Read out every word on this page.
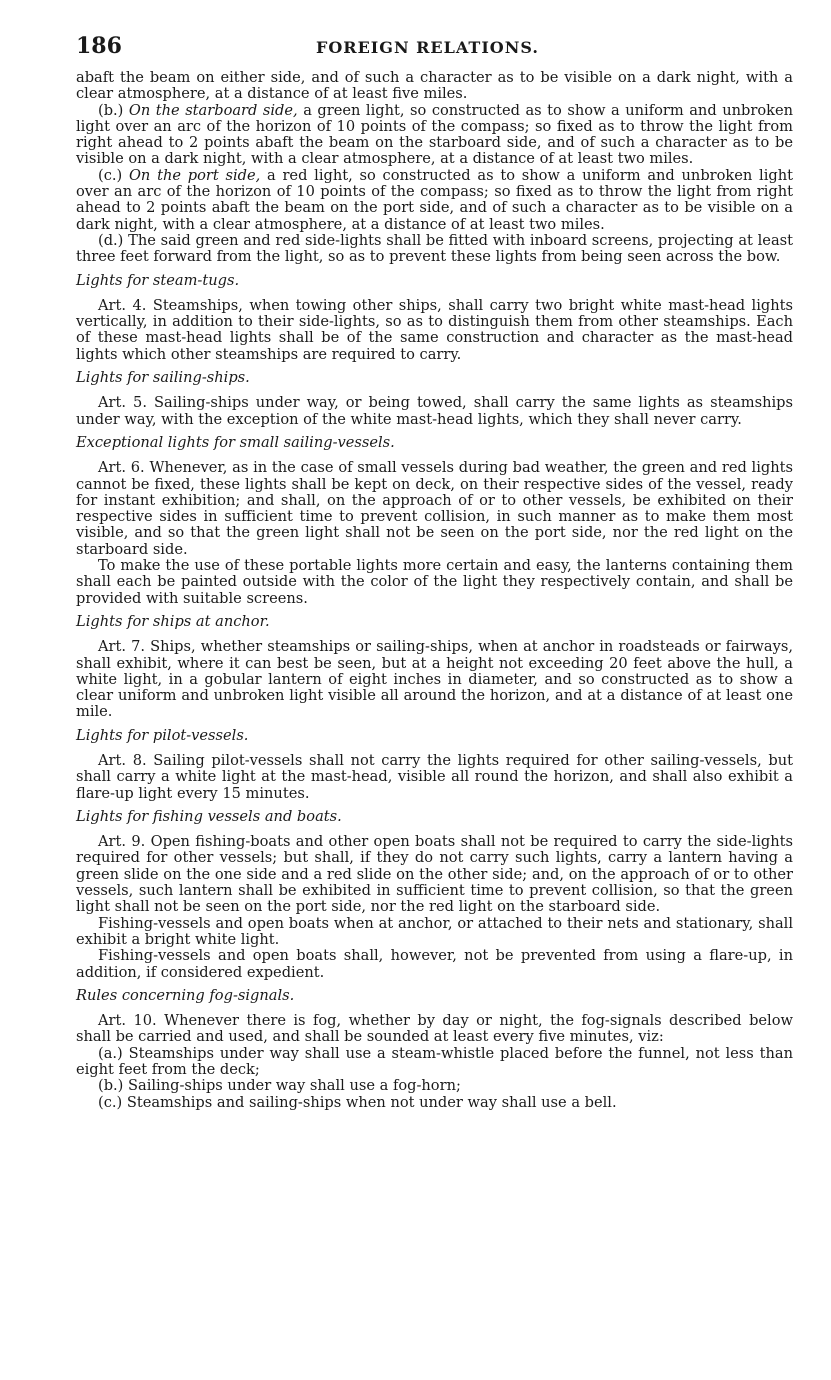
186	FOREIGN RELATIONS.

abaft the beam on either side, and of such a character as to be visible on a dark night, with a clear atmosphere, at a distance of at least five miles.

(b.) On the starboard side, a green light, so constructed as to show a uniform and unbroken light over an arc of the horizon of 10 points of the compass; so fixed as to throw the light from right ahead to 2 points abaft the beam on the starboard side, and of such a character as to be visible on a dark night, with a clear atmosphere, at a distance of at least two miles.

(c.) On the port side, a red light, so constructed as to show a uniform and unbroken light over an arc of the horizon of 10 points of the compass; so fixed as to throw the light from right ahead to 2 points abaft the beam on the port side, and of such a character as to be visible on a dark night, with a clear atmosphere, at a distance of at least two miles.

(d.) The said green and red side-lights shall be fitted with inboard screens, projecting at least three feet forward from the light, so as to prevent these lights from being seen across the bow.

Lights for steam-tugs.

Art. 4. Steamships, when towing other ships, shall carry two bright white mast-head lights vertically, in addition to their side-lights, so as to distinguish them from other steamships. Each of these mast-head lights shall be of the same construction and character as the mast-head lights which other steamships are required to carry.

Lights for sailing-ships.

Art. 5. Sailing-ships under way, or being towed, shall carry the same lights as steamships under way, with the exception of the white mast-head lights, which they shall never carry.

Exceptional lights for small sailing-vessels.

Art. 6. Whenever, as in the case of small vessels during bad weather, the green and red lights cannot be fixed, these lights shall be kept on deck, on their respective sides of the vessel, ready for instant exhibition; and shall, on the approach of or to other vessels, be exhibited on their respective sides in sufficient time to prevent collision, in such manner as to make them most visible, and so that the green light shall not be seen on the port side, nor the red light on the starboard side.

To make the use of these portable lights more certain and easy, the lanterns containing them shall each be painted outside with the color of the light they respectively contain, and shall be provided with suitable screens.

Lights for ships at anchor.

Art. 7. Ships, whether steamships or sailing-ships, when at anchor in roadsteads or fairways, shall exhibit, where it can best be seen, but at a height not exceeding 20 feet above the hull, a white light, in a gobular lantern of eight inches in diameter, and so constructed as to show a clear uniform and unbroken light visible all around the horizon, and at a distance of at least one mile.

Lights for pilot-vessels.

Art. 8. Sailing pilot-vessels shall not carry the lights required for other sailing-vessels, but shall carry a white light at the mast-head, visible all round the horizon, and shall also exhibit a flare-up light every 15 minutes.

Lights for fishing vessels and boats.

Art. 9. Open fishing-boats and other open boats shall not be required to carry the side-lights required for other vessels; but shall, if they do not carry such lights, carry a lantern having a green slide on the one side and a red slide on the other side; and, on the approach of or to other vessels, such lantern shall be exhibited in sufficient time to prevent collision, so that the green light shall not be seen on the port side, nor the red light on the starboard side.

Fishing-vessels and open boats when at anchor, or attached to their nets and stationary, shall exhibit a bright white light.

Fishing-vessels and open boats shall, however, not be prevented from using a flare-up, in addition, if considered expedient.

Rules concerning fog-signals.

Art. 10. Whenever there is fog, whether by day or night, the fog-signals described below shall be carried and used, and shall be sounded at least every five minutes, viz:

(a.) Steamships under way shall use a steam-whistle placed before the funnel, not less than eight feet from the deck;

(b.) Sailing-ships under way shall use a fog-horn;

(c.) Steamships and sailing-ships when not under way shall use a bell.
